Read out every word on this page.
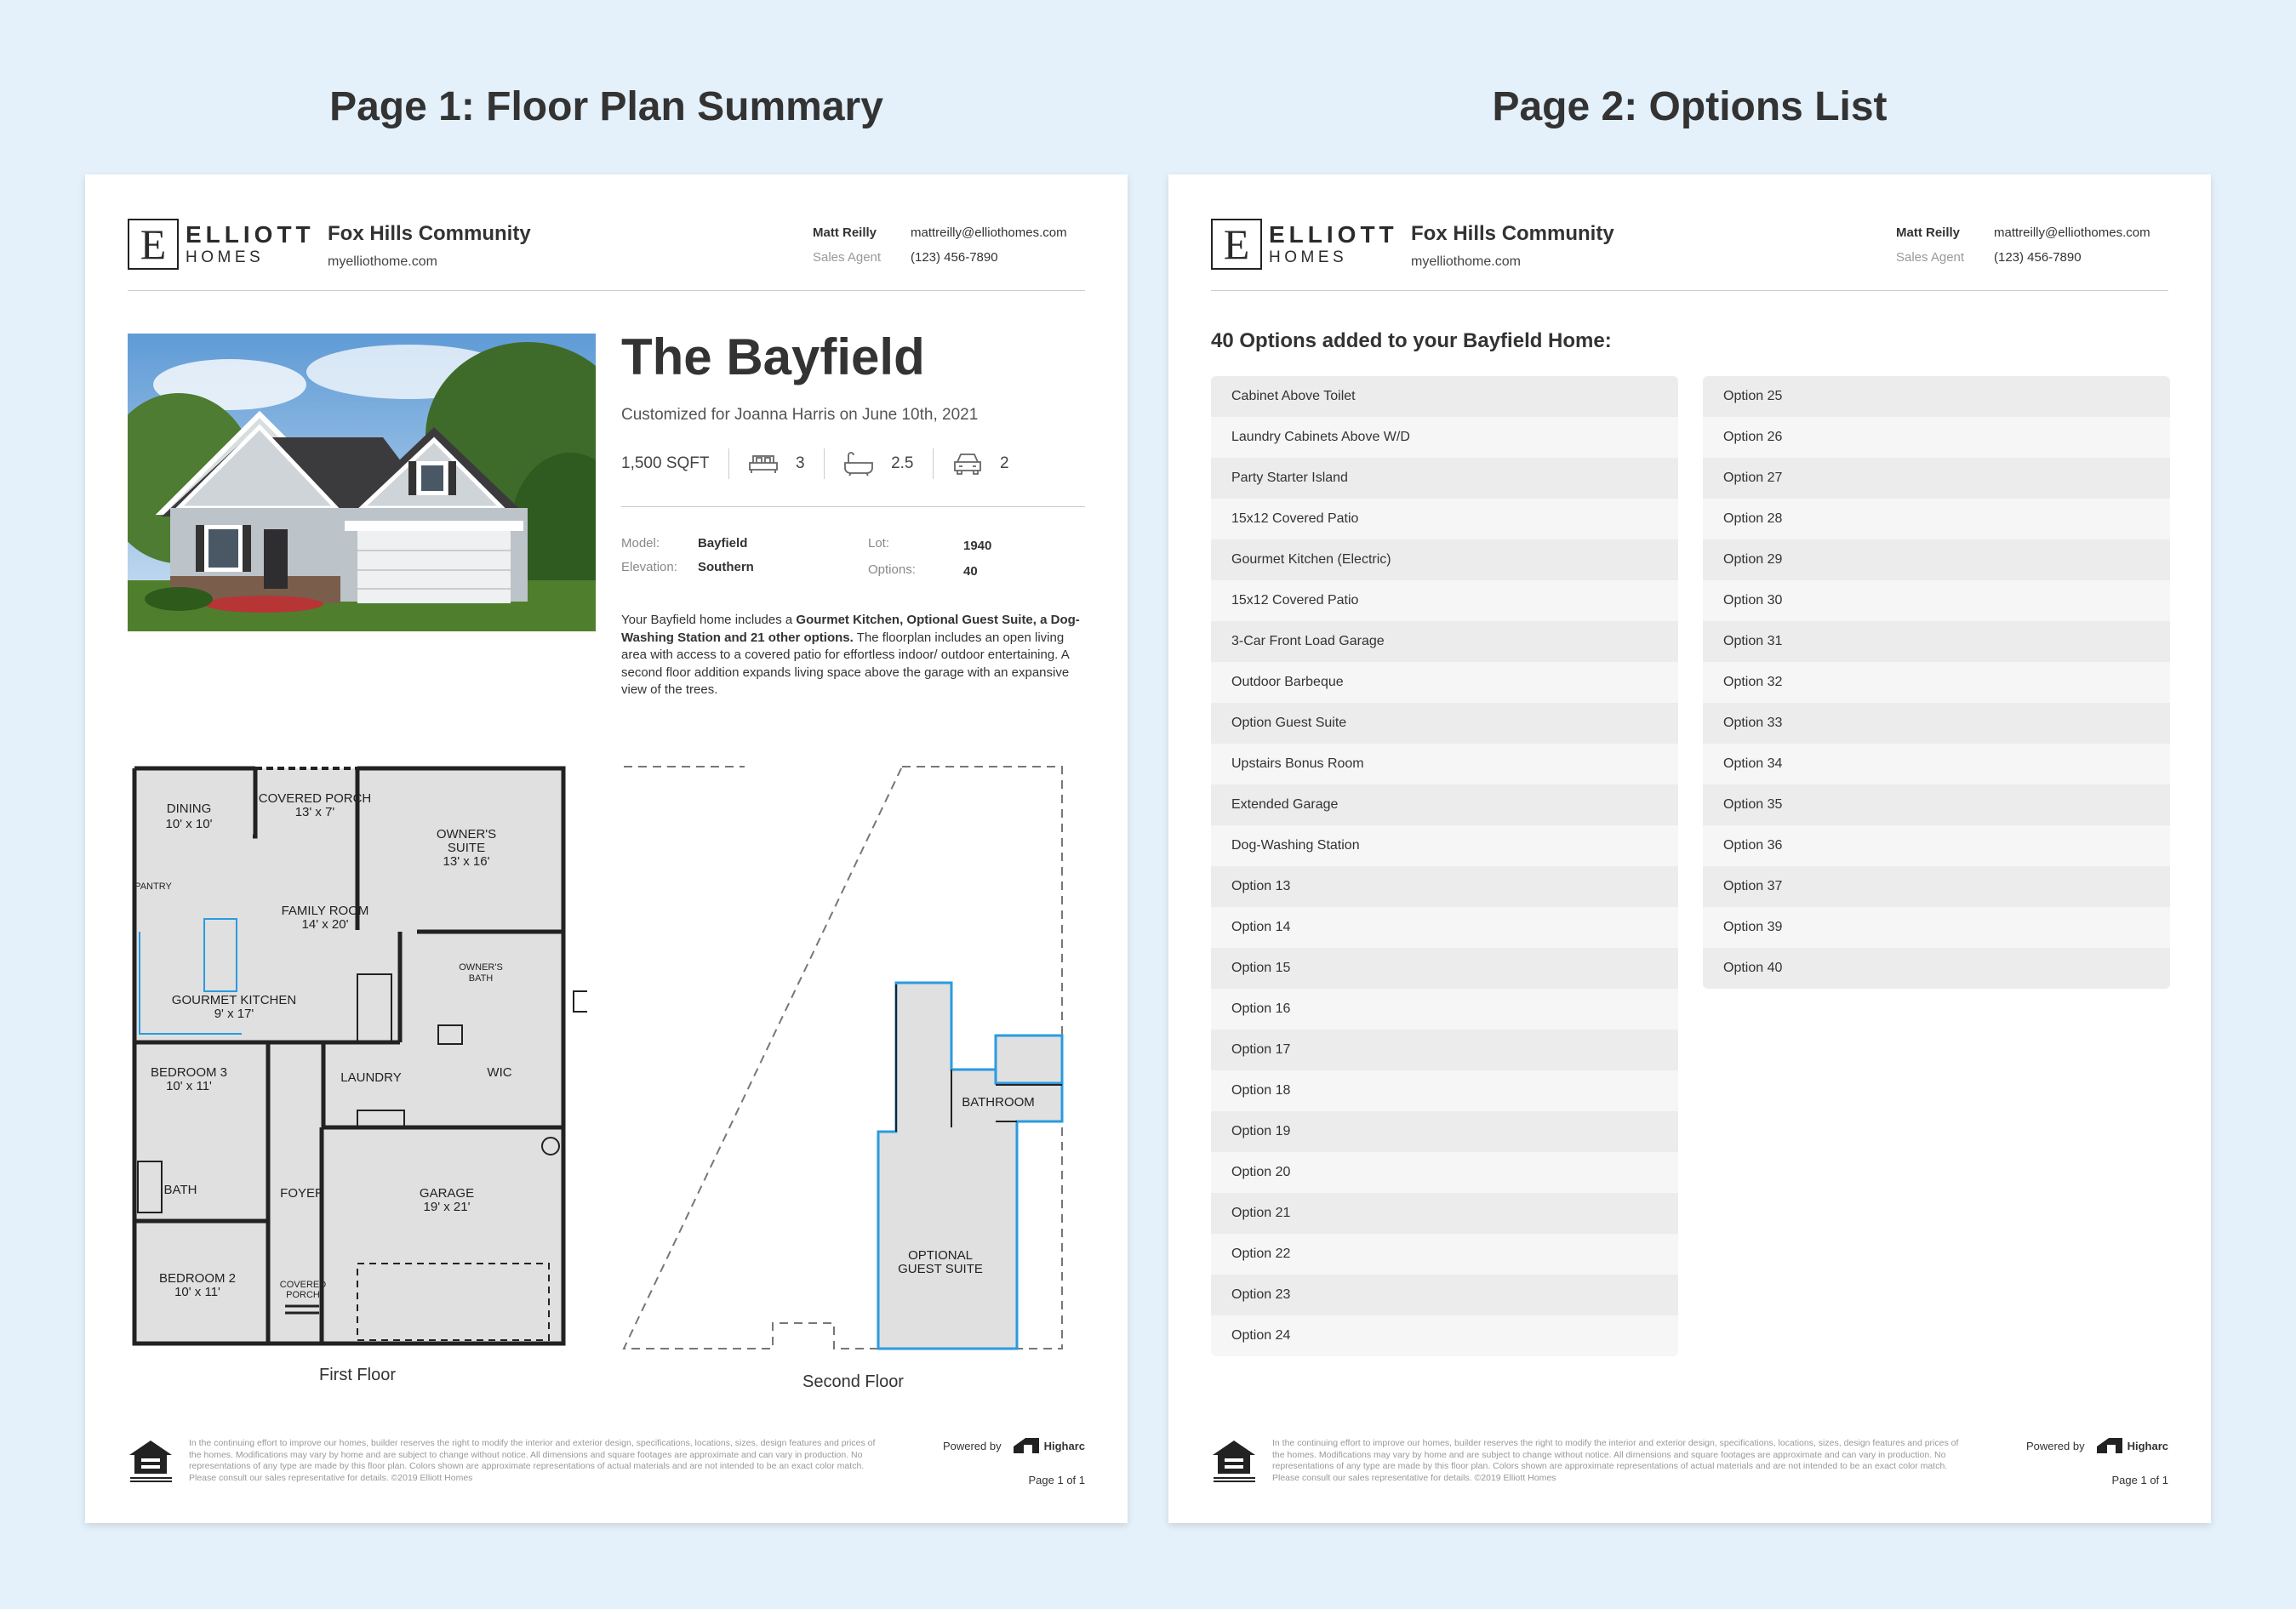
Page 1: Floor Plan Summary	Page 2: Options List
E ELLIOTT
HOMES
Fox Hills Community
myelliothome.com
Matt Reilly
Sales Agent
mattreilly@elliothomes.com
(123) 456-7890
The Bayfield
Customized for Joanna Harris on June 10th, 2021
1,500 SQFT	3	2.5	2
Model:	Bayfield
Elevation: Southern
Lot:	1940
Options:	40
Your Bayfield home includes a Gourmet Kitchen, Optional Guest Suite, a Dog-Washing Station and 21 other options. The floorplan includes an open living area with access to a covered patio for effortless indoor/ outdoor entertaining. A second floor addition expands living space above the garage with an expansive view of the trees.
DINING
10' x 10'
COVERED PORCH
13' x 7'
OWNER'S
SUITE
13' x 16'
PANTRY
FAMILY ROOM
14' x 20'
OWNER'S
BATH
GOURMET KITCHEN
9' x 17'
BEDROOM 3
10' x 11'
LAUNDRY	WIC
BATH	FOYER	GARAGE
19' x 21'
BEDROOM 2
10' x 11'	COVERED
PORCH
First Floor
BATHROOM
OPTIONAL
GUEST SUITE
Second Floor
In the continuing effort to improve our homes, builder reserves the right to modify the interior and exterior design, specifications, locations, sizes, design features and prices of the homes. Modifications may vary by home and are subject to change without notice. All dimensions and square footages are approximate and can vary in production. No representations of any type are made by this floor plan. Colors shown are approximate representations of actual materials and are not intended to be an exact color match. Please consult our sales representative for details. ©2019 Elliott Homes
Powered by	Higharc
Page 1 of 1
E ELLIOTT
HOMES
Fox Hills Community
myelliothome.com
Matt Reilly
Sales Agent
mattreilly@elliothomes.com
(123) 456-7890
40 Options added to your Bayfield Home:
Cabinet Above Toilet
Laundry Cabinets Above W/D
Party Starter Island
15x12 Covered Patio
Gourmet Kitchen (Electric)
15x12 Covered Patio
3-Car Front Load Garage
Outdoor Barbeque
Option Guest Suite
Upstairs Bonus Room
Extended Garage
Dog-Washing Station
Option 13
Option 14
Option 15
Option 16
Option 17
Option 18
Option 19
Option 20
Option 21
Option 22
Option 23
Option 24
Option 25
Option 26
Option 27
Option 28
Option 29
Option 30
Option 31
Option 32
Option 33
Option 34
Option 35
Option 36
Option 37
Option 39
Option 40
In the continuing effort to improve our homes, builder reserves the right to modify the interior and exterior design, specifications, locations, sizes, design features and prices of the homes. Modifications may vary by home and are subject to change without notice. All dimensions and square footages are approximate and can vary in production. No representations of any type are made by this floor plan. Colors shown are approximate representations of actual materials and are not intended to be an exact color match. Please consult our sales representative for details. ©2019 Elliott Homes
Powered by	Higharc
Page 1 of 1
